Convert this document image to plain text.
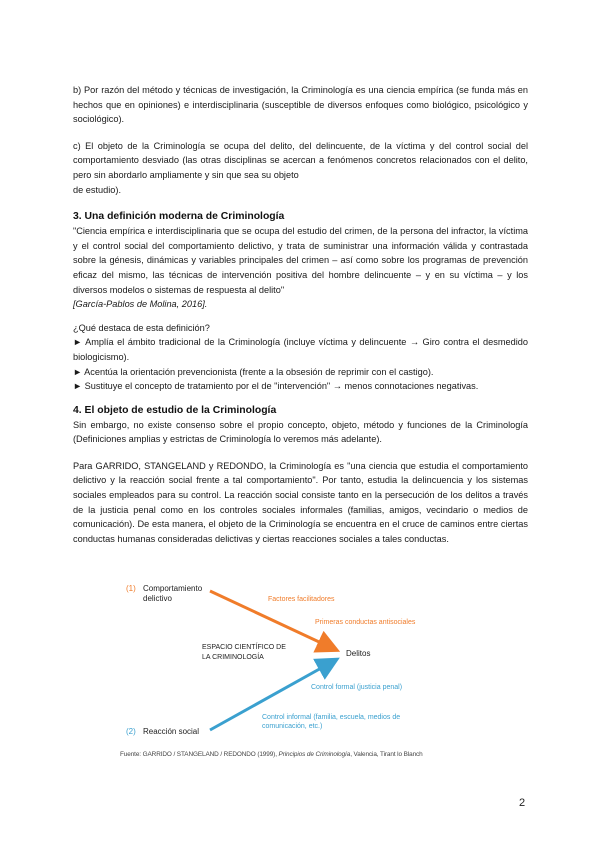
b) Por razón del método y técnicas de investigación, la Criminología es una ciencia empírica (se funda más en hechos que en opiniones) e interdisciplinaria (susceptible de diversos enfoques como biológico, psicológico y sociológico).

c) El objeto de la Criminología se ocupa del delito, del delincuente, de la víctima y del control social del comportamiento desviado (las otras disciplinas se acercan a fenómenos concretos relacionados con el delito, pero sin abordarlo ampliamente y sin que sea su objeto

de estudio).

3. Una definición moderna de Criminología

"Ciencia empírica e interdisciplinaria que se ocupa del estudio del crimen, de la persona del infractor, la víctima y el control social del comportamiento delictivo, y trata de suministrar una información válida y contrastada sobre la génesis, dinámicas y variables principales del crimen – así como sobre los programas de prevención eficaz del mismo, las técnicas de intervención positiva del hombre delincuente – y en su víctima – y los diversos modelos o sistemas de respuesta al delito"

[García-Pablos de Molina, 2016].

¿Qué destaca de esta definición?

► Amplía el ámbito tradicional de la Criminología (incluye víctima y delincuente → Giro contra el desmedido biologicismo).

► Acentúa la orientación prevencionista (frente a la obsesión de reprimir con el castigo).

► Sustituye el concepto de tratamiento por el de "intervención" → menos connotaciones negativas.

4. El objeto de estudio de la Criminología

Sin embargo, no existe consenso sobre el propio concepto, objeto, método y funciones de la Criminología (Definiciones amplias y estrictas de Criminología lo veremos más adelante).

Para GARRIDO, STANGELAND y REDONDO, la Criminología es "una ciencia que estudia el comportamiento delictivo y la reacción social frente a tal comportamiento". Por tanto, estudia la delincuencia y los sistemas sociales empleados para su control. La reacción social consiste tanto en la persecución de los delitos a través de la justicia penal como en los controles sociales informales (familias, amigos, vecindario o medios de comunicación). De esta manera, el objeto de la Criminología se encuentra en el cruce de caminos entre ciertas conductas humanas consideradas delictivas y ciertas reacciones sociales a tales conductas.

(1) Comportamiento
delictivo	Factores facilitadores
Primeras conductas antisociales
ESPACIO CIENTÍFICO DE
LA CRIMINOLOGÍA	Delitos
Control formal (justicia penal)
Control informal (familia, escuela, medios de
comunicación, etc.)
(2) Reacción social
Fuente: GARRIDO / STANGELAND / REDONDO (1999), Principios de Criminología, Valencia, Tirant lo Blanch
2
